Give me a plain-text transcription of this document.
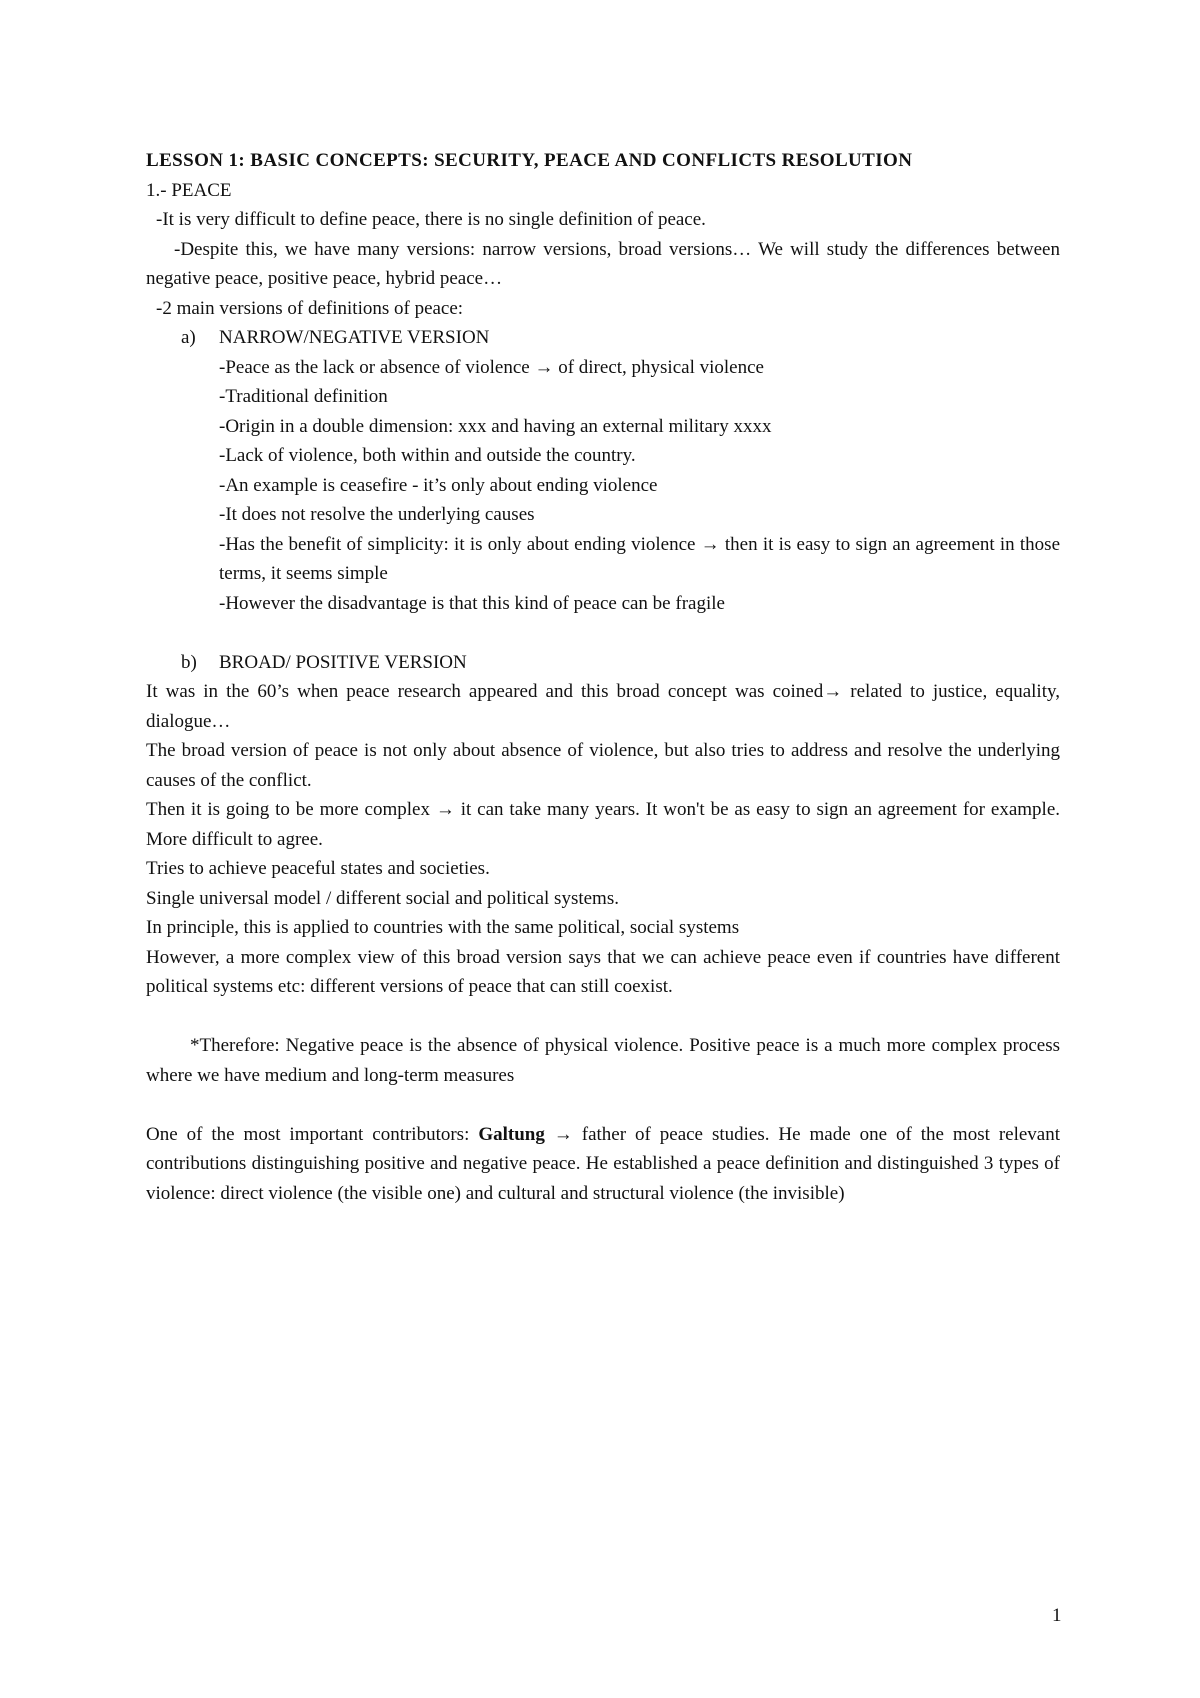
LESSON 1: BASIC CONCEPTS: SECURITY, PEACE AND CONFLICTS RESOLUTION
1.- PEACE
-It is very difficult to define peace, there is no single definition of peace.
-Despite this, we have many versions: narrow versions, broad versions… We will study the differences between negative peace, positive peace, hybrid peace…
-2 main versions of definitions of peace:
a) NARROW/NEGATIVE VERSION
-Peace as the lack or absence of violence → of direct, physical violence
-Traditional definition
-Origin in a double dimension: xxx and having an external military xxxx
-Lack of violence, both within and outside the country.
-An example is ceasefire - it’s only about ending violence
-It does not resolve the underlying causes
-Has the benefit of simplicity: it is only about ending violence → then it is easy to sign an agreement in those terms, it seems simple
-However the disadvantage is that this kind of peace can be fragile
b) BROAD/ POSITIVE VERSION
It was in the 60’s when peace research appeared and this broad concept was coined→ related to justice, equality, dialogue…
The broad version of peace is not only about absence of violence, but also tries to address and resolve the underlying causes of the conflict.
Then it is going to be more complex → it can take many years. It won't be as easy to sign an agreement for example. More difficult to agree.
Tries to achieve peaceful states and societies.
Single universal model / different social and political systems.
In principle, this is applied to countries with the same political, social systems
However, a more complex view of this broad version says that we can achieve peace even if countries have different political systems etc: different versions of peace that can still coexist.
*Therefore: Negative peace is the absence of physical violence. Positive peace is a much more complex process where we have medium and long-term measures
One of the most important contributors: Galtung → father of peace studies. He made one of the most relevant contributions distinguishing positive and negative peace. He established a peace definition and distinguished 3 types of violence: direct violence (the visible one) and cultural and structural violence (the invisible)
1
